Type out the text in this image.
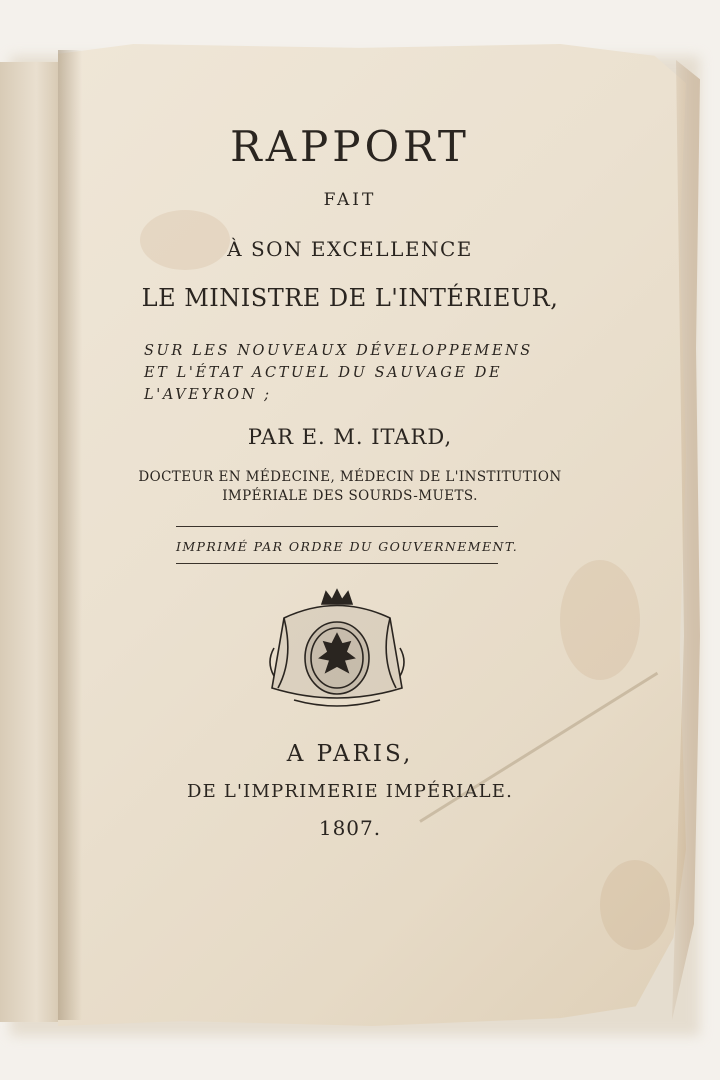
RAPPORT
FAIT
À SON EXCELLENCE
LE MINISTRE DE L'INTÉRIEUR,
SUR LES NOUVEAUX DÉVELOPPEMENS
ET L'ÉTAT ACTUEL DU SAUVAGE DE
L'AVEYRON ;
PAR E. M. ITARD,
DOCTEUR EN MÉDECINE, MÉDECIN DE L'INSTITUTION
IMPÉRIALE DES SOURDS-MUETS.
IMPRIMÉ PAR ORDRE DU GOUVERNEMENT.
A PARIS,
DE L'IMPRIMERIE IMPÉRIALE.
1807.
